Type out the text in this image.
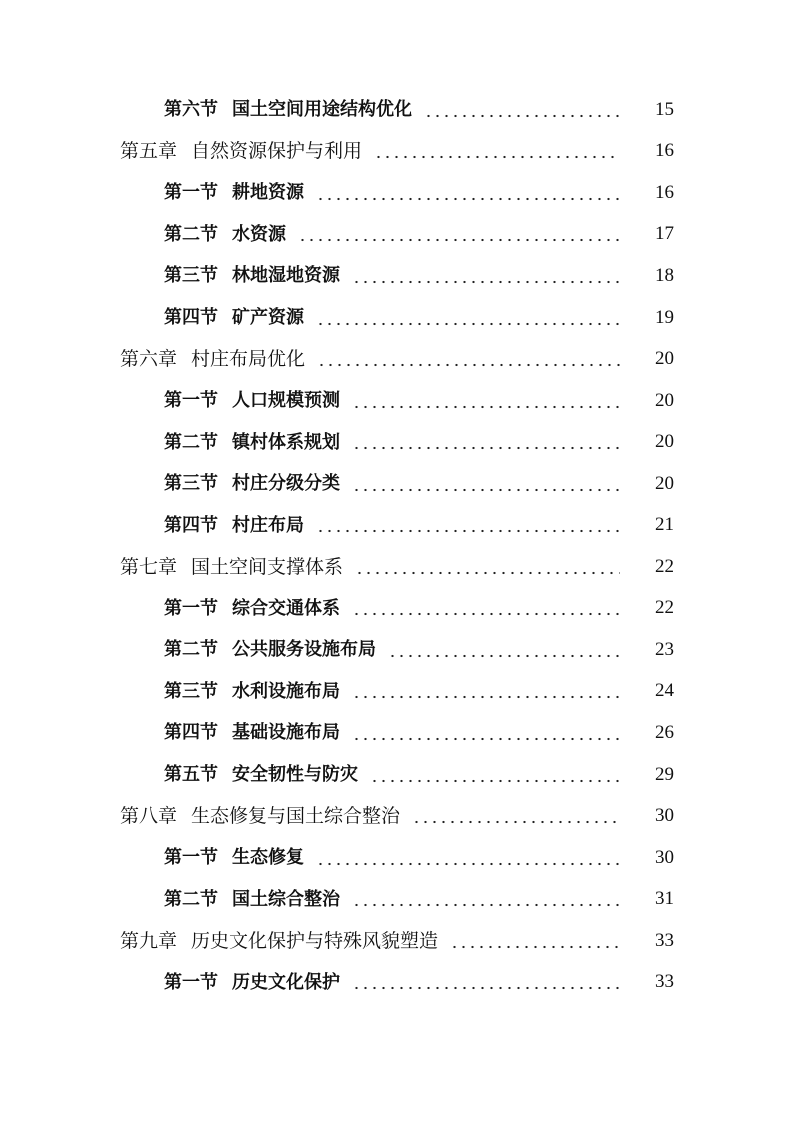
第六节 国土空间用途结构优化	15
第五章 自然资源保护与利用	16
第一节 耕地资源	16
第二节 水资源	17
第三节 林地湿地资源	18
第四节 矿产资源	19
第六章 村庄布局优化	20
第一节 人口规模预测	20
第二节 镇村体系规划	20
第三节 村庄分级分类	20
第四节 村庄布局	21
第七章 国土空间支撑体系	22
第一节 综合交通体系	22
第二节 公共服务设施布局	23
第三节 水利设施布局	24
第四节 基础设施布局	26
第五节 安全韧性与防灾	29
第八章 生态修复与国土综合整治	30
第一节 生态修复	30
第二节 国土综合整治	31
第九章 历史文化保护与特殊风貌塑造	33
第一节 历史文化保护	33
